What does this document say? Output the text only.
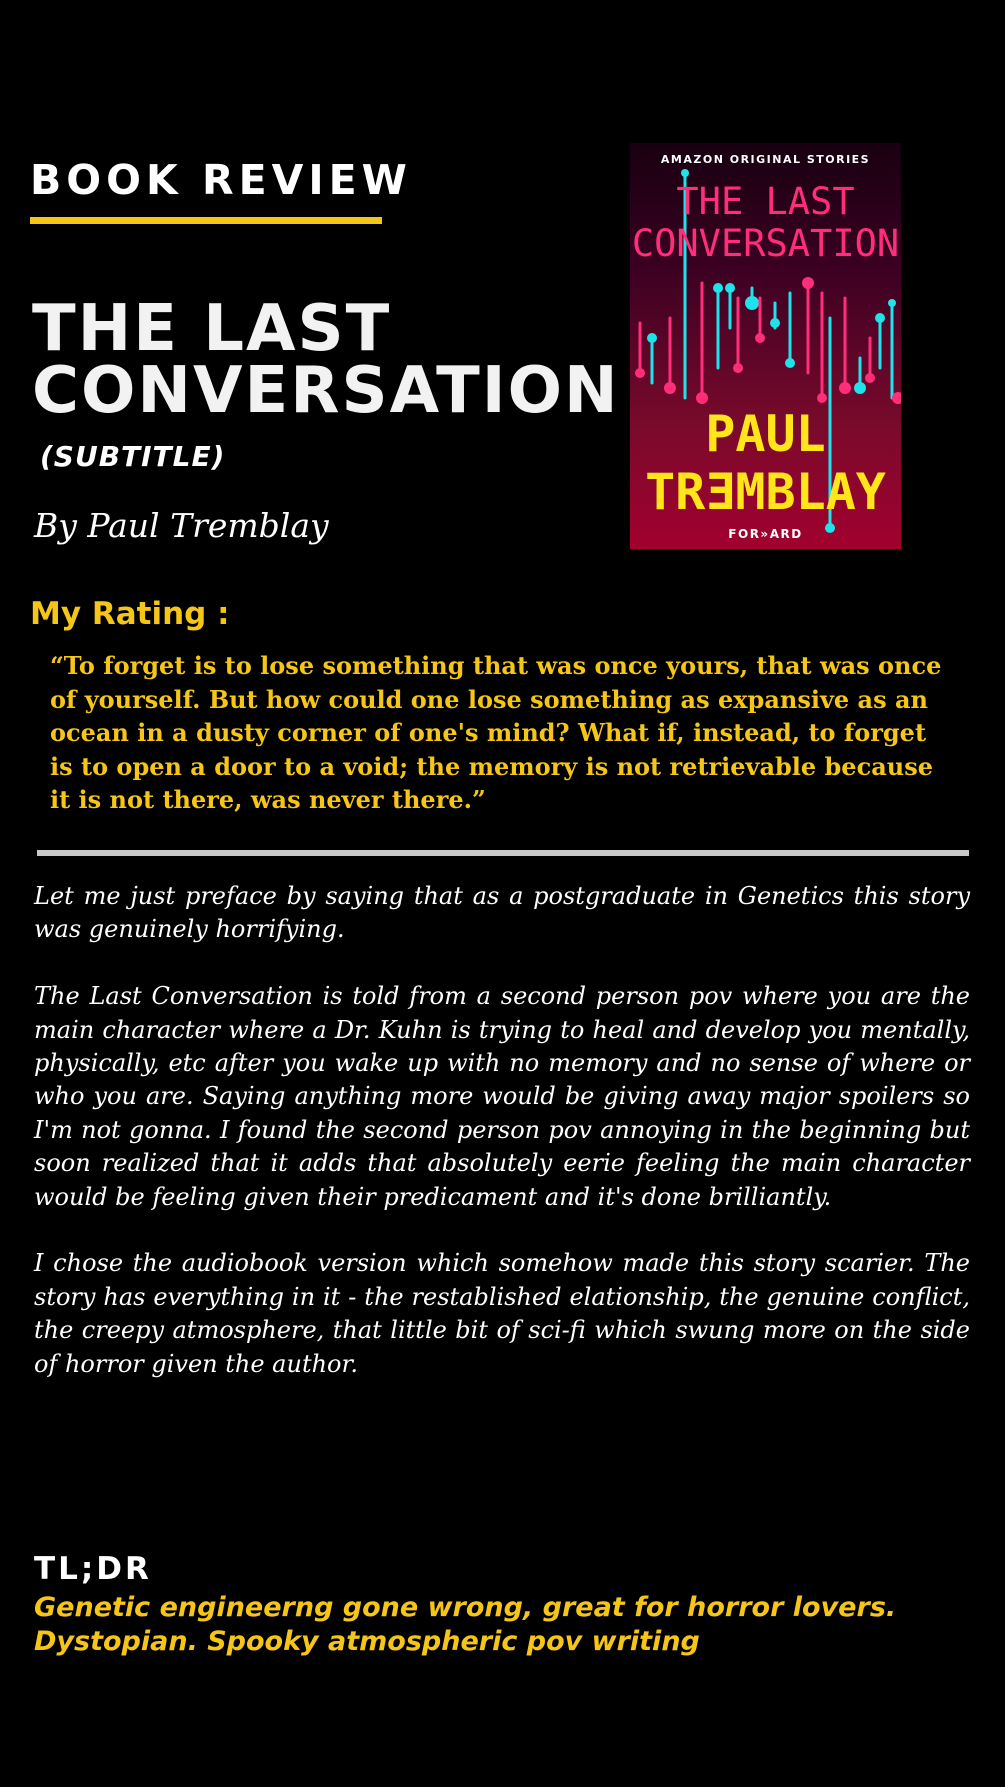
BOOK REVIEW
THE LAST CONVERSATION
(SUBTITLE)
By Paul Tremblay
AMAZON ORIGINAL STORIES
THE LAST
CONVERSATION
PAUL
TRƎMBLAY
FOR»ARD
My Rating :
“To forget is to lose something that was once yours, that was once of yourself. But how could one lose something as expansive as an ocean in a dusty corner of one's mind? What if, instead, to forget is to open a door to a void; the memory is not retrievable because it is not there, was never there.”

Let me just preface by saying that as a postgraduate in Genetics this story was genuinely horrifying.

The Last Conversation is told from a second person pov where you are the main character where a Dr. Kuhn is trying to heal and develop you mentally, physically, etc after you wake up with no memory and no sense of where or who you are. Saying anything more would be giving away major spoilers so I'm not gonna. I found the second person pov annoying in the beginning but soon realized that it adds that absolutely eerie feeling the main character would be feeling given their predicament and it's done brilliantly.

I chose the audiobook version which somehow made this story scarier. The story has everything in it - the restablished elationship, the genuine conflict, the creepy atmosphere, that little bit of sci-fi which swung more on the side of horror given the author.

TL;DR
Genetic engineerng gone wrong, great for horror lovers. Dystopian. Spooky atmospheric pov writing
